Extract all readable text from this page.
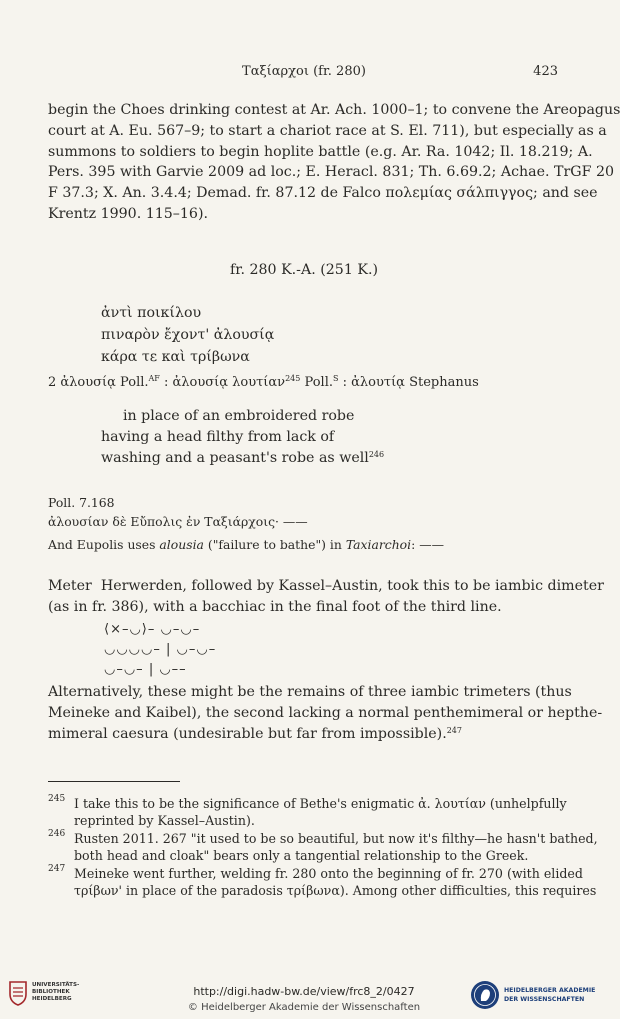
Ταξίαρχοι (fr. 280)	423
begin the Choes drinking contest at Ar. Ach. 1000–1; to convene the Areopagus
court at A. Eu. 567–9; to start a chariot race at S. El. 711), but especially as a
summons to soldiers to begin hoplite battle (e.g. Ar. Ra. 1042; Il. 18.219; A.
Pers. 395 with Garvie 2009 ad loc.; E. Heracl. 831; Th. 6.69.2; Achae. TrGF 20
F 37.3; X. An. 3.4.4; Demad. fr. 87.12 de Falco πολεμίας σάλπιγγος; and see
Krentz 1990. 115–16).
fr. 280 K.-A. (251 K.)
ἀντὶ ποικίλου
πιναρὸν ἔχοντ' ἀλουσίᾳ
κάρα τε καὶ τρίβωνα
2 ἀλουσίᾳ Poll.$^{AF}$ : ἀλουσίᾳ λουτίαν$^{245}$ Poll.$^S$ : ἀλουτίᾳ Stephanus
in place of an embroidered robe
having a head filthy from lack of
washing and a peasant's robe as well$^{246}$
Poll. 7.168
ἀλουσίαν δὲ Εὔπολις ἐν Ταξιάρχοις· ——
And Eupolis uses alousia ("failure to bathe") in Taxiarchoi: ——
Meter Herwerden, followed by Kassel–Austin, took this to be iambic dimeter
(as in fr. 386), with a bacchiac in the final foot of the third line.
⟨×–◡⟩– ◡–◡–
◡◡◡◡– | ◡–◡–
◡–◡– | ◡––
Alternatively, these might be the remains of three iambic trimeters (thus
Meineke and Kaibel), the second lacking a normal penthemimeral or hepthe-
mimeral caesura (undesirable but far from impossible).$^{247}$
245 I take this to be the significance of Bethe's enigmatic ἀ. λουτίαν (unhelpfully
reprinted by Kassel–Austin).
246 Rusten 2011. 267 "it used to be so beautiful, but now it's filthy—he hasn't bathed,
both head and cloak" bears only a tangential relationship to the Greek.
247 Meineke went further, welding fr. 280 onto the beginning of fr. 270 (with elided
τρίβων' in place of the paradosis τρίβωνα). Among other difficulties, this requires
UNIVERSITÄTS-
BIBLIOTHEK
HEIDELBERG
http://digi.hadw-bw.de/view/frc8_2/0427
© Heidelberger Akademie der Wissenschaften
HEIDELBERGER AKADEMIE
DER WISSENSCHAFTEN
